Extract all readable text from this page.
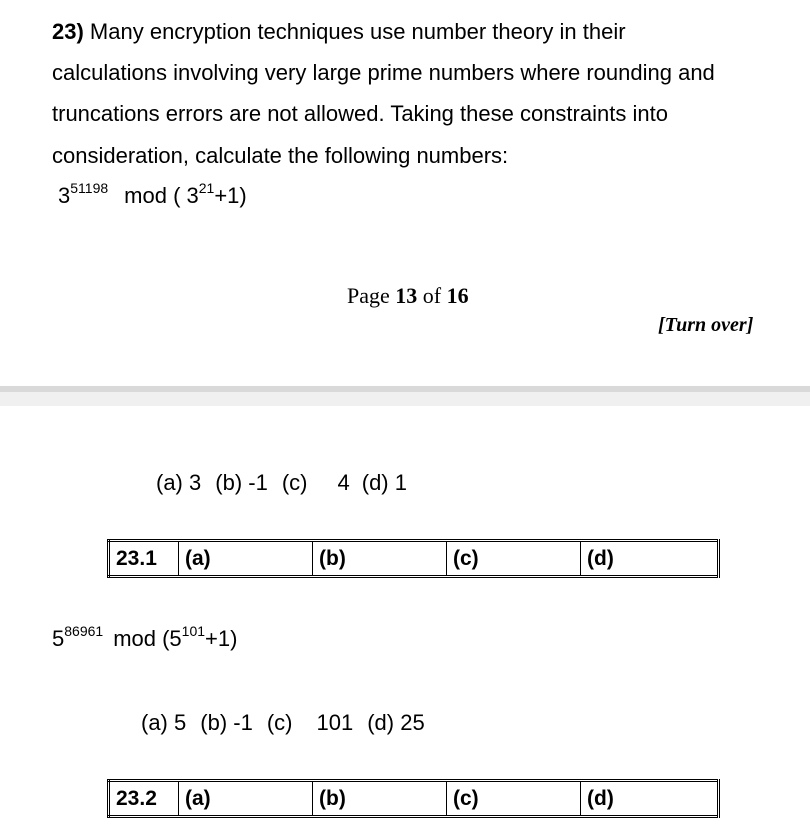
23) Many encryption techniques use number theory in their
calculations involving very large prime numbers where rounding and
truncations errors are not allowed. Taking these constraints into
consideration, calculate the following numbers:
$3^{51198}$ mod ( $3^{21}+1$)
Page 13 of 16
[Turn over]
(a) 3 (b) -1 (c) 4 (d) 1
23.1	(a)	(b)	(c)	(d)
$5^{86961}$ mod $(5^{101}+1)$
(a) 5 (b) -1 (c) 101 (d) 25
23.2	(a)	(b)	(c)	(d)
